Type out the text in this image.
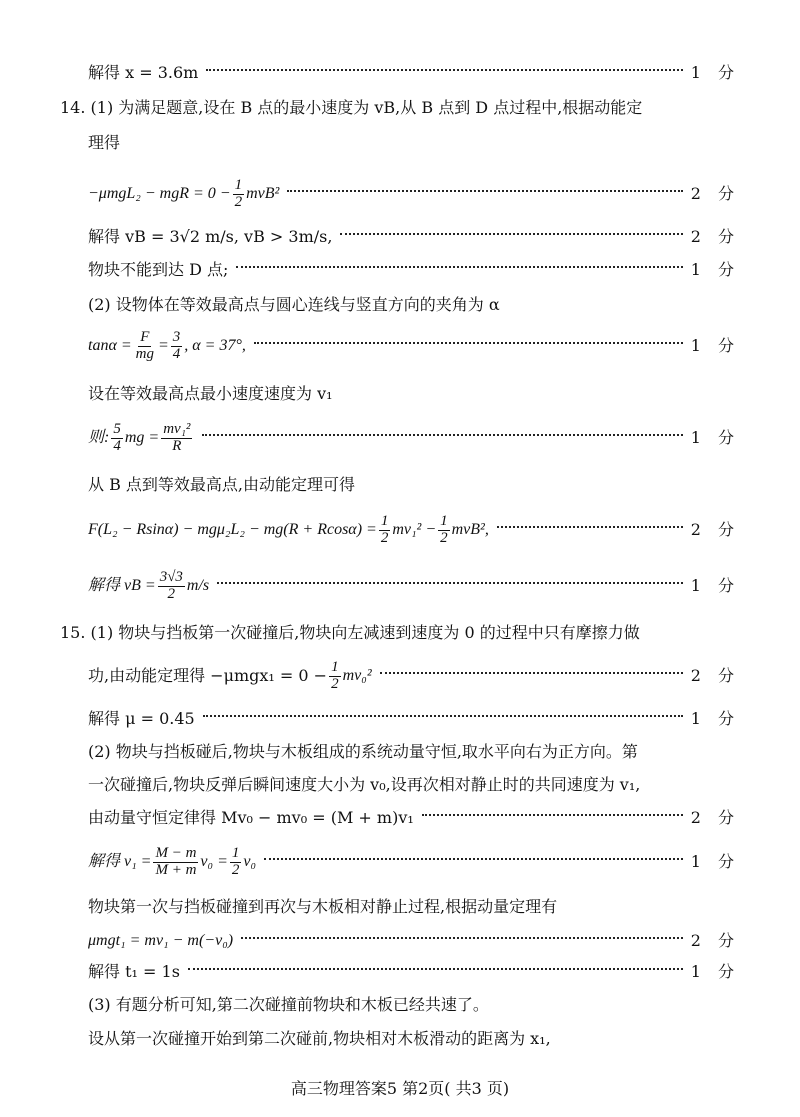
解得 x = 3.6m	1 分
14. (1) 为满足题意,设在 B 点的最小速度为 vB,从 B 点到 D 点过程中,根据动能定
理得
−μmgL₂ − mgR = $0 - \frac{1}{2} mvB^2$	2 分
解得 vB = 3√2 m/s, vB > 3m/s,	2 分
物块不能到达 D 点;	1 分
(2) 设物体在等效最高点与圆心连线与竖直方向的夹角为 α
$\tan\alpha = \frac{F}{mg} = \frac{3}{4}$ , α = 37°,	1 分
设在等效最高点最小速度速度为 v₁
则: $\frac{5}{4}$ mg = $\frac{\text{mv₁²}}{R}$	1 分
从 B 点到等效最高点,由动能定理可得
$F(L_2 - Rsin\alpha) - mg\mu_2L_2 - mg(R + Rcos\alpha) = \frac{1}{2} mv_1^2 - \frac{1}{2} mvB^2$,	2 分
解得 vB = $\frac{3√3}{2} m/s$	1 分
15. (1) 物块与挡板第一次碰撞后,物块向左减速到速度为 0 的过程中只有摩擦力做
功,由动能定理得 $-\mu mgx_1 = 0 - \frac{1}{2} mv_0^2$	2 分
解得 μ = 0.45	1 分
(2) 物块与挡板碰后,物块与木板组成的系统动量守恒,取水平向右为正方向。第
一次碰撞后,物块反弹后瞬间速度大小为 v₀,设再次相对静止时的共同速度为 v₁,
由动量守恒定律得 Mv₀ − mv₀ = (M + m)v₁	2 分
解得 $v_1 = \frac{M - m}{M + m} v_0 = \frac{1}{2} v_0$	1 分
物块第一次与挡板碰撞到再次与木板相对静止过程,根据动量定理有
μmgt₁ = mv₁ − m(−v₀)	2 分
解得 t₁ = 1s	1 分
(3) 有题分析可知,第二次碰撞前物块和木板已经共速了。
设从第一次碰撞开始到第二次碰前,物块相对木板滑动的距离为 x₁,
高三物理答案5 第2页( 共3 页)
